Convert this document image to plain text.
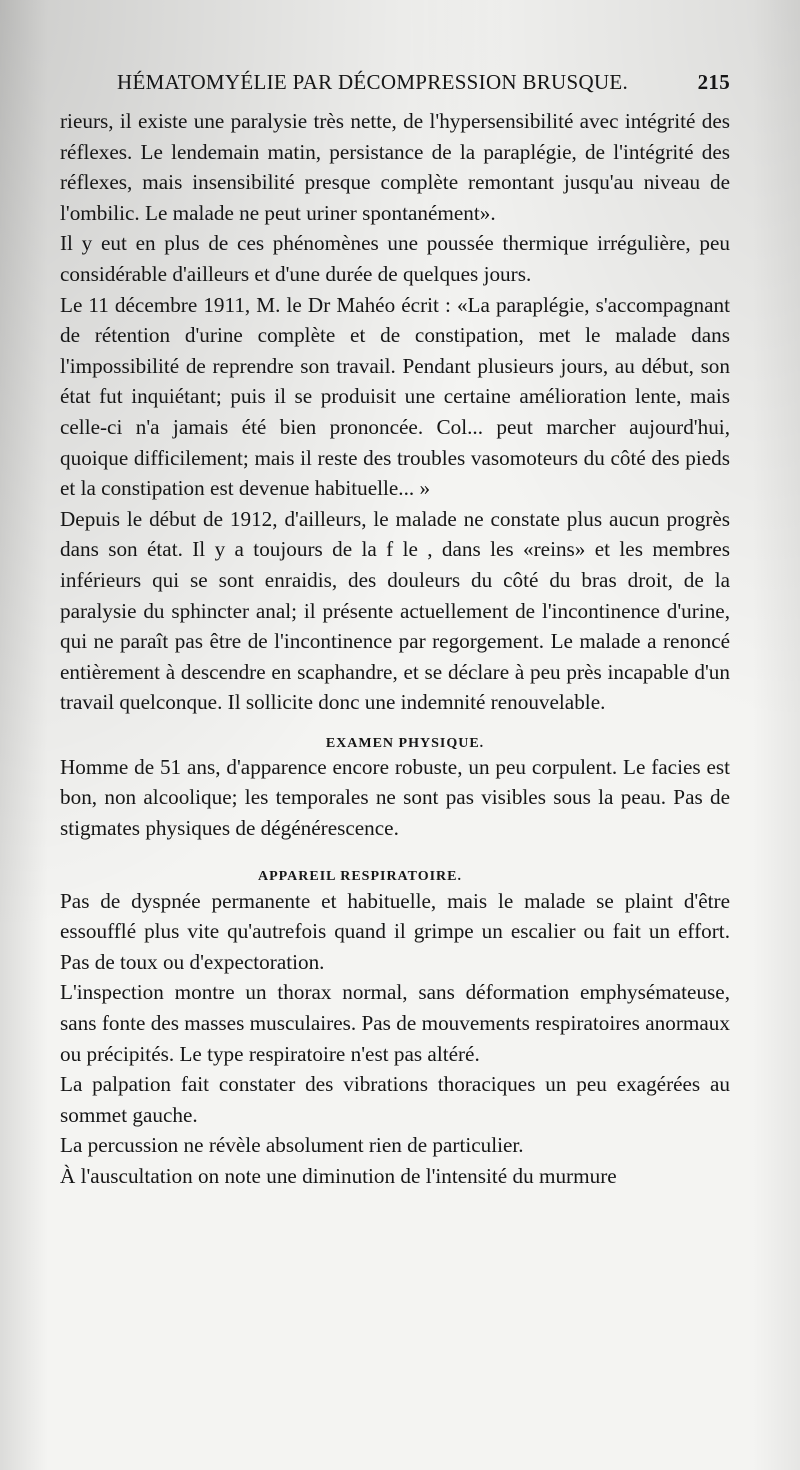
HÉMATOMYÉLIE PAR DÉCOMPRESSION BRUSQUE.	215

rieurs, il existe une paralysie très nette, de l'hypersensibilité avec intégrité des réflexes. Le lendemain matin, persistance de la paraplégie, de l'intégrité des réflexes, mais insensibilité presque complète remontant jusqu'au niveau de l'ombilic. Le malade ne peut uriner spontanément».

Il y eut en plus de ces phénomènes une poussée thermique irrégulière, peu considérable d'ailleurs et d'une durée de quelques jours.

Le 11 décembre 1911, M. le Dr Mahéo écrit : «La paraplégie, s'accompagnant de rétention d'urine complète et de constipation, met le malade dans l'impossibilité de reprendre son travail. Pendant plusieurs jours, au début, son état fut inquiétant; puis il se produisit une certaine amélioration lente, mais celle-ci n'a jamais été bien prononcée. Col... peut marcher aujourd'hui, quoique difficilement; mais il reste des troubles vasomoteurs du côté des pieds et la constipation est devenue habituelle... »

Depuis le début de 1912, d'ailleurs, le malade ne constate plus aucun progrès dans son état. Il y a toujours de la f le , dans les «reins» et les membres inférieurs qui se sont enraidis, des douleurs du côté du bras droit, de la paralysie du sphincter anal; il présente actuellement de l'incontinence d'urine, qui ne paraît pas être de l'incontinence par regorgement. Le malade a renoncé entièrement à descendre en scaphandre, et se déclare à peu près incapable d'un travail quelconque. Il sollicite donc une indemnité renouvelable.

EXAMEN PHYSIQUE.

Homme de 51 ans, d'apparence encore robuste, un peu corpulent. Le facies est bon, non alcoolique; les temporales ne sont pas visibles sous la peau. Pas de stigmates physiques de dégénérescence.

APPAREIL RESPIRATOIRE.

Pas de dyspnée permanente et habituelle, mais le malade se plaint d'être essoufflé plus vite qu'autrefois quand il grimpe un escalier ou fait un effort. Pas de toux ou d'expectoration.

L'inspection montre un thorax normal, sans déformation emphysémateuse, sans fonte des masses musculaires. Pas de mouvements respiratoires anormaux ou précipités. Le type respiratoire n'est pas altéré.

La palpation fait constater des vibrations thoraciques un peu exagérées au sommet gauche.

La percussion ne révèle absolument rien de particulier.

À l'auscultation on note une diminution de l'intensité du murmure
